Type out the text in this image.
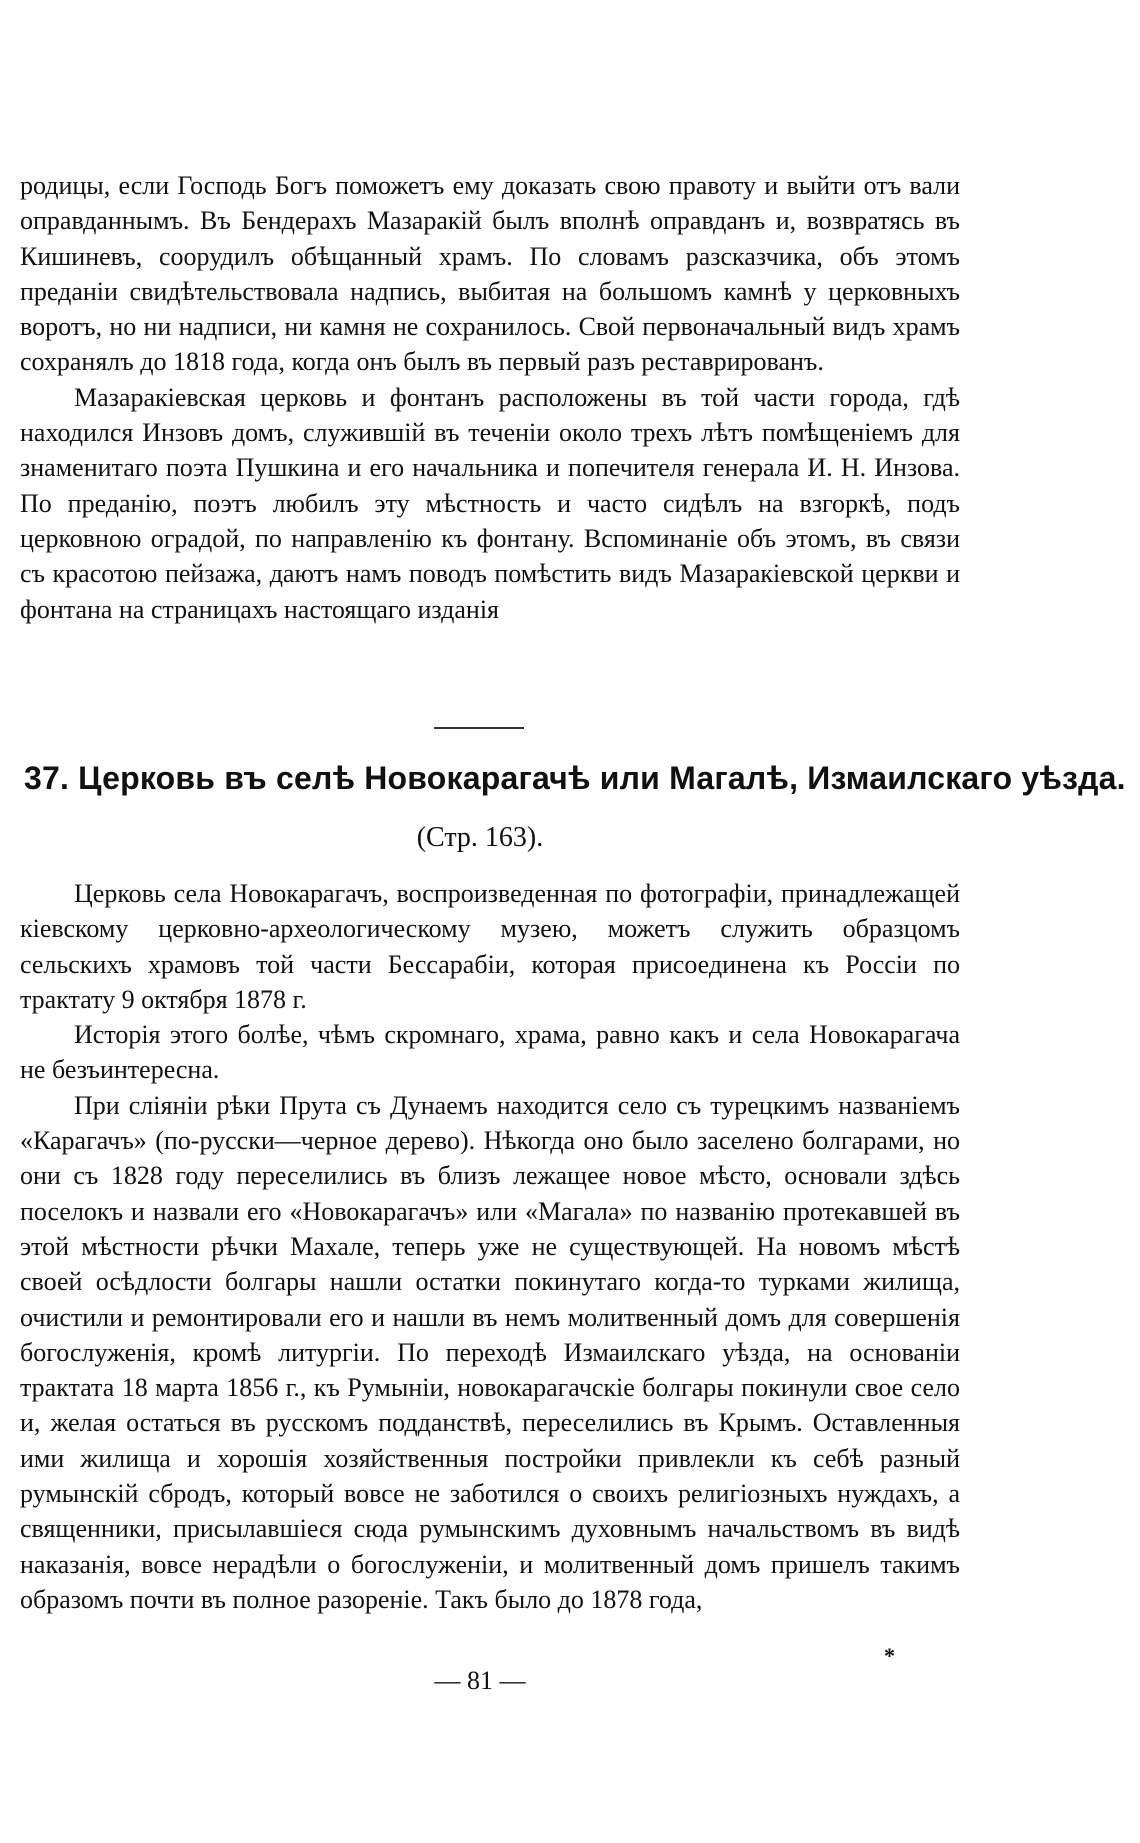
родицы, если Господь Богъ поможетъ ему доказать свою правоту и выйти отъ вали оправданнымъ. Въ Бендерахъ Мазаракій былъ вполнѣ оправданъ и, возвратясь въ Кишиневъ, соорудилъ обѣщанный храмъ. По словамъ разсказчика, объ этомъ преданіи свидѣтельствовала надпись, выбитая на большомъ камнѣ у церковныхъ воротъ, но ни надписи, ни камня не сохранилось. Свой первоначальный видъ храмъ сохранялъ до 1818 года, когда онъ былъ въ первый разъ реставрированъ.

Мазаракіевская церковь и фонтанъ расположены въ той части города, гдѣ находился Инзовъ домъ, служившій въ теченіи около трехъ лѣтъ помѣщеніемъ для знаменитаго поэта Пушкина и его начальника и попечителя генерала И. Н. Инзова. По преданію, поэтъ любилъ эту мѣстность и часто сидѣлъ на взгоркѣ, подъ церковною оградой, по направленію къ фонтану. Вспоминаніе объ этомъ, въ связи съ красотою пейзажа, даютъ намъ поводъ помѣстить видъ Мазаракіевской церкви и фонтана на страницахъ настоящаго изданія

37. Церковь въ селѣ Новокарагачѣ или Магалѣ, Измаилскаго уѣзда.
(Стр. 163).

Церковь села Новокарагачъ, воспроизведенная по фотографіи, принадлежащей кіевскому церковно-археологическому музею, можетъ служить образцомъ сельскихъ храмовъ той части Бессарабіи, которая присоединена къ Россіи по трактату 9 октября 1878 г.

Исторія этого болѣе, чѣмъ скромнаго, храма, равно какъ и села Новокарагача не безъинтересна.

При сліяніи рѣки Прута съ Дунаемъ находится село съ турецкимъ названіемъ «Карагачъ» (по-русски—черное дерево). Нѣкогда оно было заселено болгарами, но они съ 1828 году переселились въ близъ лежащее новое мѣсто, основали здѣсь поселокъ и назвали его «Новокарагачъ» или «Магала» по названію протекавшей въ этой мѣстности рѣчки Махале, теперь уже не существующей. На новомъ мѣстѣ своей осѣдлости болгары нашли остатки покинутаго когда-то турками жилища, очистили и ремонтировали его и нашли въ немъ молитвенный домъ для совершенія богослуженія, кромѣ литургіи. По переходѣ Измаилскаго уѣзда, на основаніи трактата 18 марта 1856 г., къ Румыніи, новокарагачскіе болгары покинули свое село и, желая остаться въ русскомъ подданствѣ, переселились въ Крымъ. Оставленныя ими жилища и хорошія хозяйственныя постройки привлекли къ себѣ разный румынскій сбродъ, который вовсе не заботился о своихъ религіозныхъ нуждахъ, а священники, присылавшіеся сюда румынскимъ духовнымъ начальствомъ въ видѣ наказанія, вовсе нерадѣли о богослуженіи, и молитвенный домъ пришелъ такимъ образомъ почти въ полное разореніе. Такъ было до 1878 года,

— 81 —
*
